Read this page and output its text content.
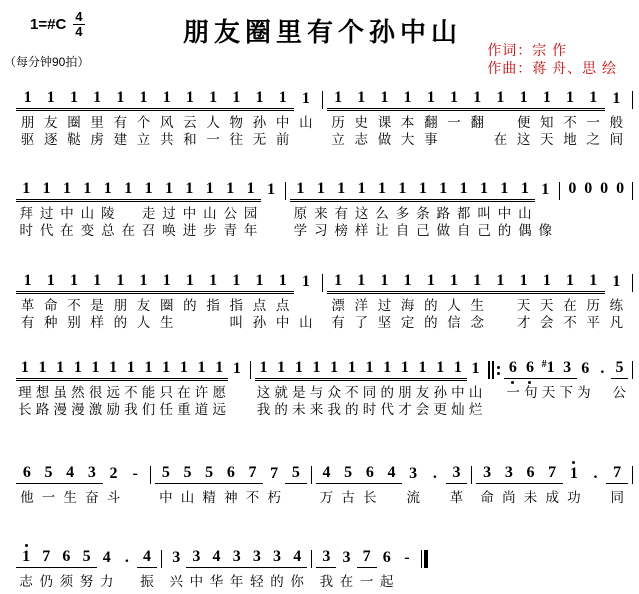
1=#C $\frac{4}{4}$
（每分钟90拍）
朋友圈里有个孙中山
作词：宗 作
作曲：蒋 舟、思 绘
1 1 1 1 1 1 1 1 1 1 1 1 1
朋 友 圈 里 有 个 风 云 人 物 孙 中 山
驱 逐 鞑 虏 建 立 共 和 一 往 无 前

1 1 1 1 1 1 1 1 1 1 1 1 1
历 史 课 本 翻 一 翻
　	便 知 不 一 般
立 志 做 大 事

　	在 这 天 地 之 间
1 1 1 1 1 1 1 1 1 1 1 1 1
拜 过 中 山 陵
　 走 过 中 山 公 园

时 代 在 变 总 在 召 唤 进 步 青 年

1 1 1 1 1 1 1 1 1 1 1 1 1
原 来 有 这 么 多 条 路 都 叫 中 山

学 习 榜 样 让 自 己 做 自 己 的 偶 像
0 0 0 0
1 1 1 1 1 1 1 1 1 1 1 1 1
革 命 不 是 朋 友 圈 的 指 指 点 点

有 种 别 样 的 人 生

　	叫 孙 中 山
1 1 1 1 1 1 1 1 1 1 1 1 1
漂 洋 过 海 的 人 生
　	天 天 在 历 练
有 了 坚 定 的 信 念
　	才 会 不 平 凡
1 1 1 1 1 1 1 1 1 1 1 1 1
理 想 虽 然 很 远 不 能 只 在 许 愿

长 路 漫 漫 激 励 我 们 任 重 道 远

1 1 1 1 1 1 1 1 1 1 1 1 1
这 就 是 与 众 不 同 的 朋 友 孙 中 山
我 的 未 来 我 的 时 代 才 会 更 灿 烂
6 6 #1 3 6 . 5
一 句 天 下 为
　 公
6 5 4 3 2 -
他 一 生 奋 斗

5 5 5 6 7 7 5
中 山 精 神 不 朽

4 5 6 4 3 . 3
万 古 长
　	流
　	革
3 3 6 7 1 . 7
命 尚 未 成 功
　	同
1 7 6 5 4 . 4
志 仍 须 努 力
　 振
3 3 4 3 3 3 4
兴 中 华 年 轻 的 你
3 3 7 6 -
我 在 一 起
